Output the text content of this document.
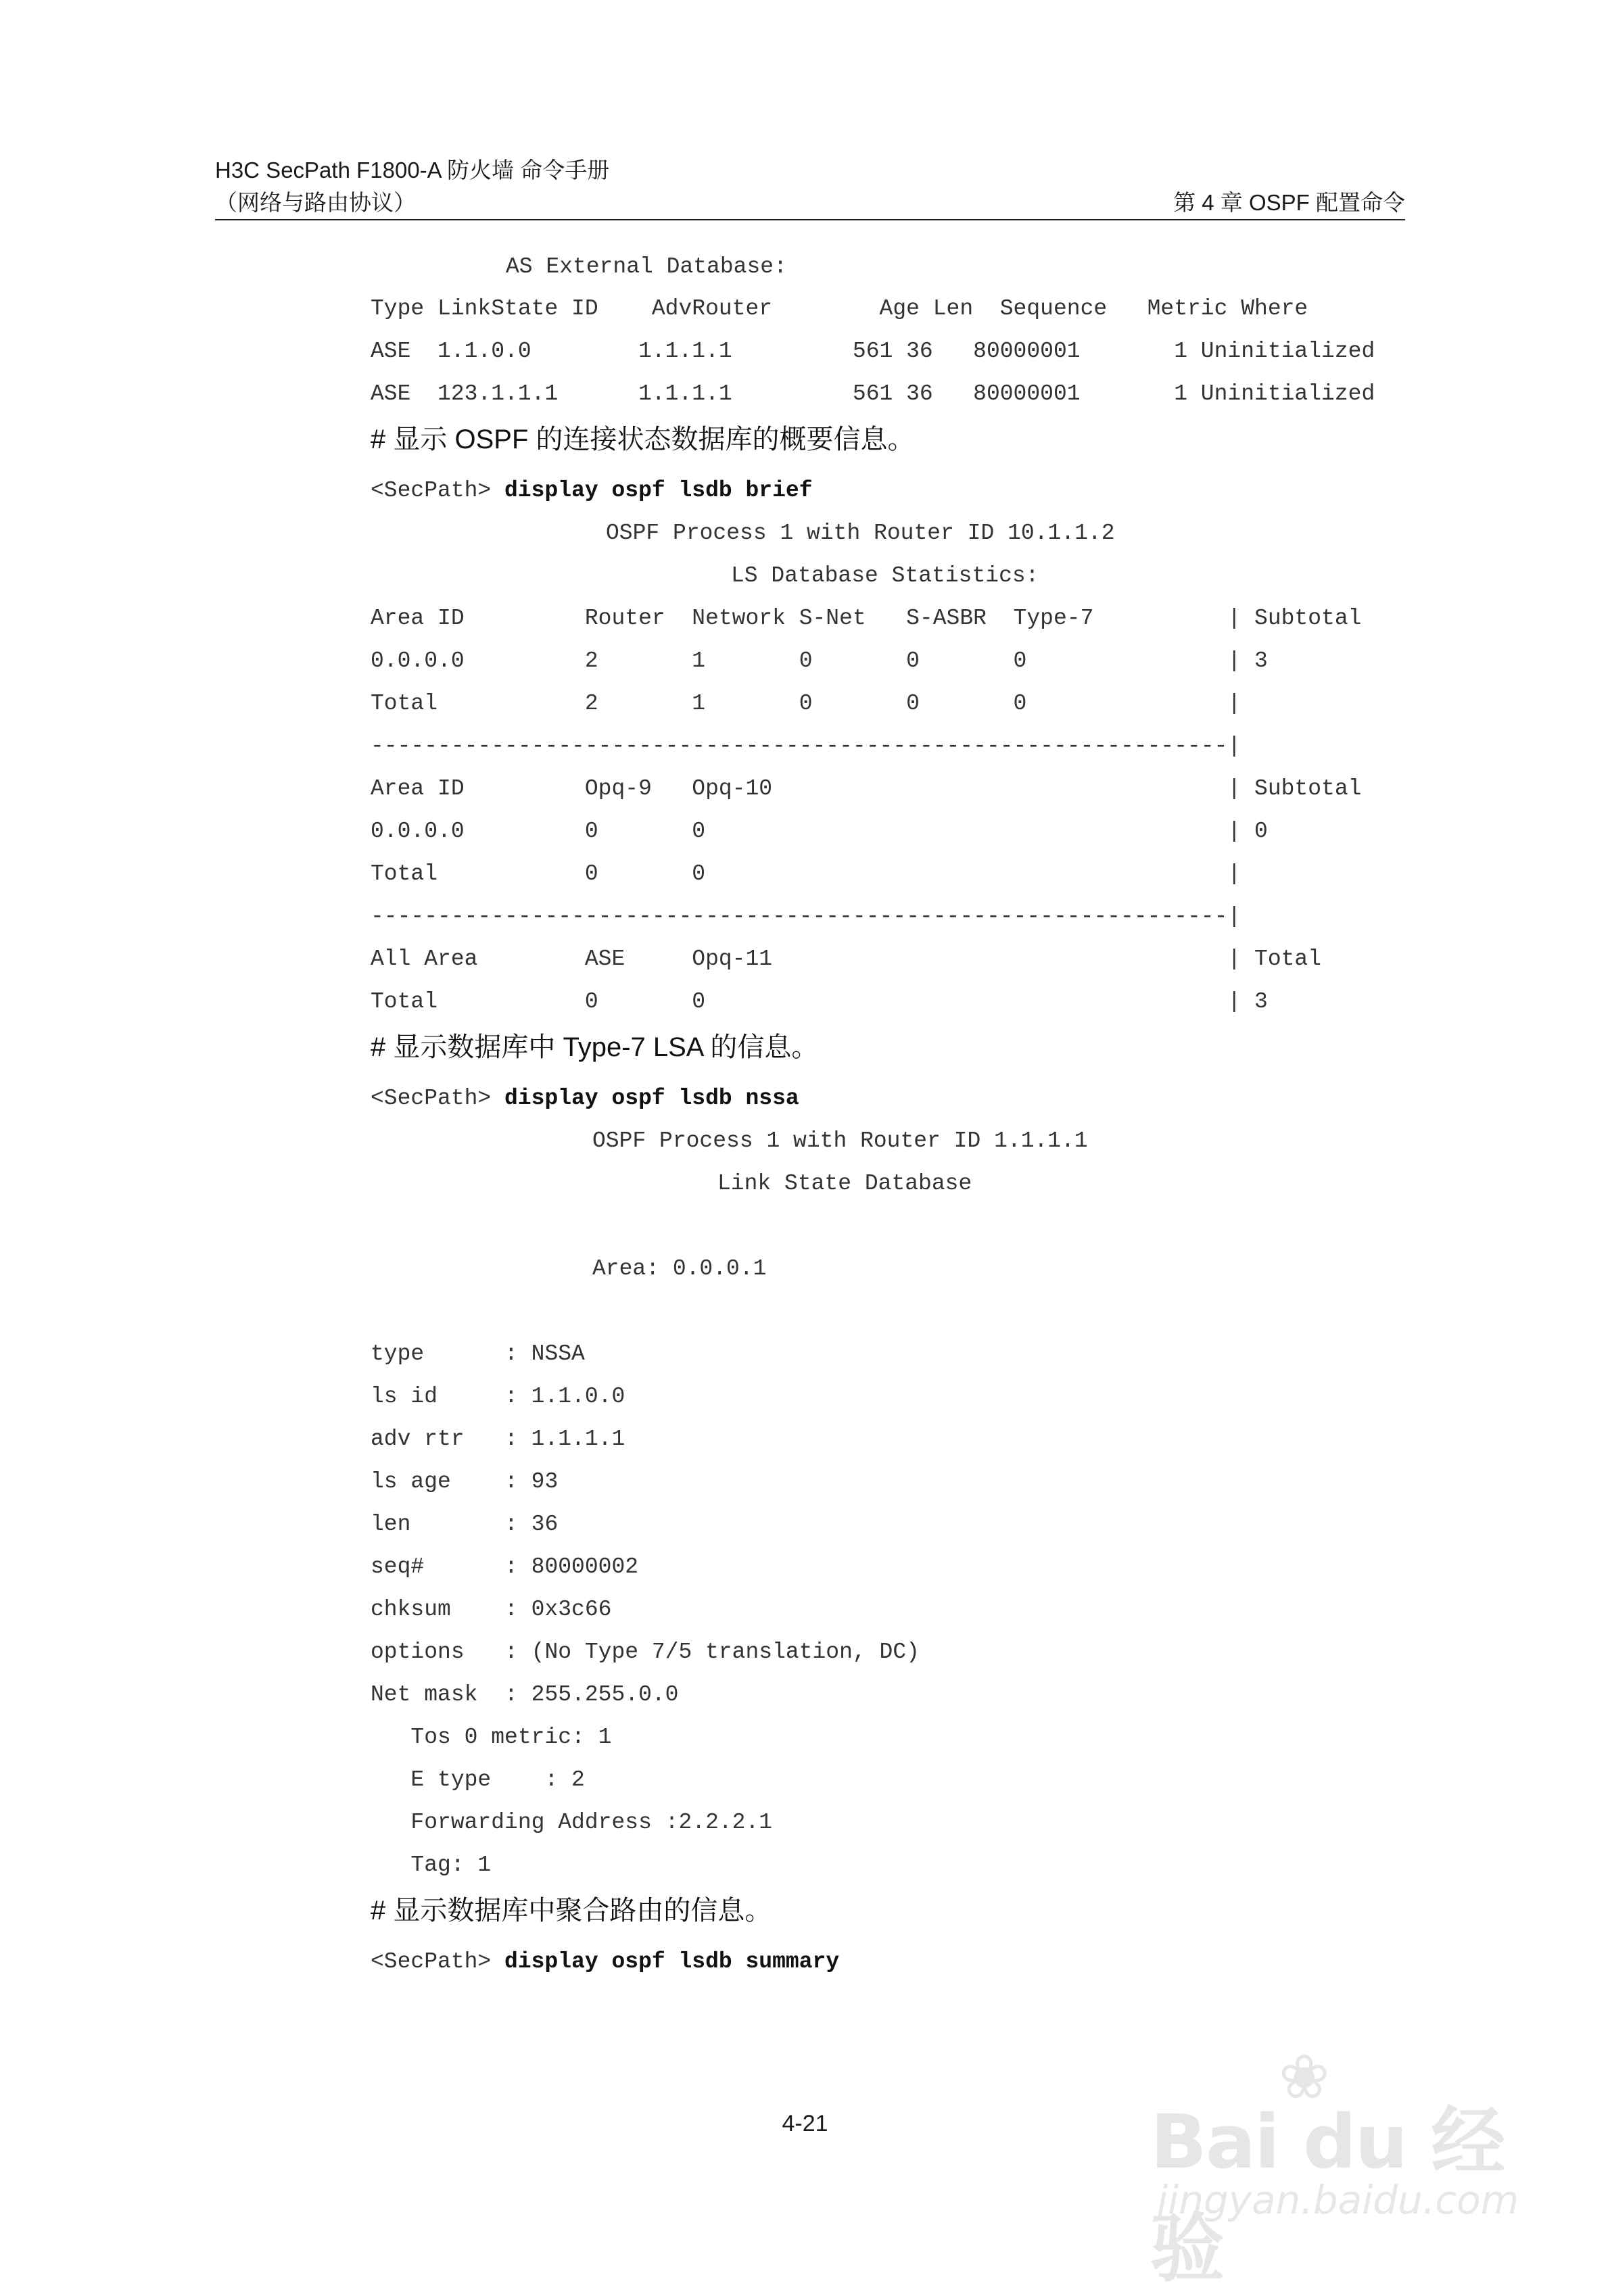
H3C SecPath F1800-A 防火墙 命令手册
（网络与路由协议）	第 4 章 OSPF 配置命令
AS External Database:
Type LinkState ID    AdvRouter        Age Len  Sequence   Metric Where
ASE  1.1.0.0        1.1.1.1         561 36   80000001       1 Uninitialized
ASE  123.1.1.1      1.1.1.1         561 36   80000001       1 Uninitialized
# 显示 OSPF 的连接状态数据库的概要信息。
<SecPath> display ospf lsdb brief
OSPF Process 1 with Router ID 10.1.1.2
LS Database Statistics:
Area ID         Router  Network S-Net   S-ASBR  Type-7          | Subtotal
0.0.0.0         2       1       0       0       0               | 3
Total           2       1       0       0       0               |
----------------------------------------------------------------|
Area ID         Opq-9   Opq-10                                  | Subtotal
0.0.0.0         0       0                                       | 0
Total           0       0                                       |
----------------------------------------------------------------|
All Area        ASE     Opq-11                                  | Total
Total           0       0                                       | 3
# 显示数据库中 Type-7 LSA 的信息。
<SecPath> display ospf lsdb nssa
OSPF Process 1 with Router ID 1.1.1.1
Link State Database
Area: 0.0.0.1
type      : NSSA
ls id     : 1.1.0.0
adv rtr   : 1.1.1.1
ls age    : 93
len       : 36
seq#      : 80000002
chksum    : 0x3c66
options   : (No Type 7/5 translation, DC)
Net mask  : 255.255.0.0
Tos 0 metric: 1
E type    : 2
Forwarding Address :2.2.2.1
Tag: 1
# 显示数据库中聚合路由的信息。
<SecPath> display ospf lsdb summary
4-21
❀
Bai du 经验
jingyan.baidu.com
